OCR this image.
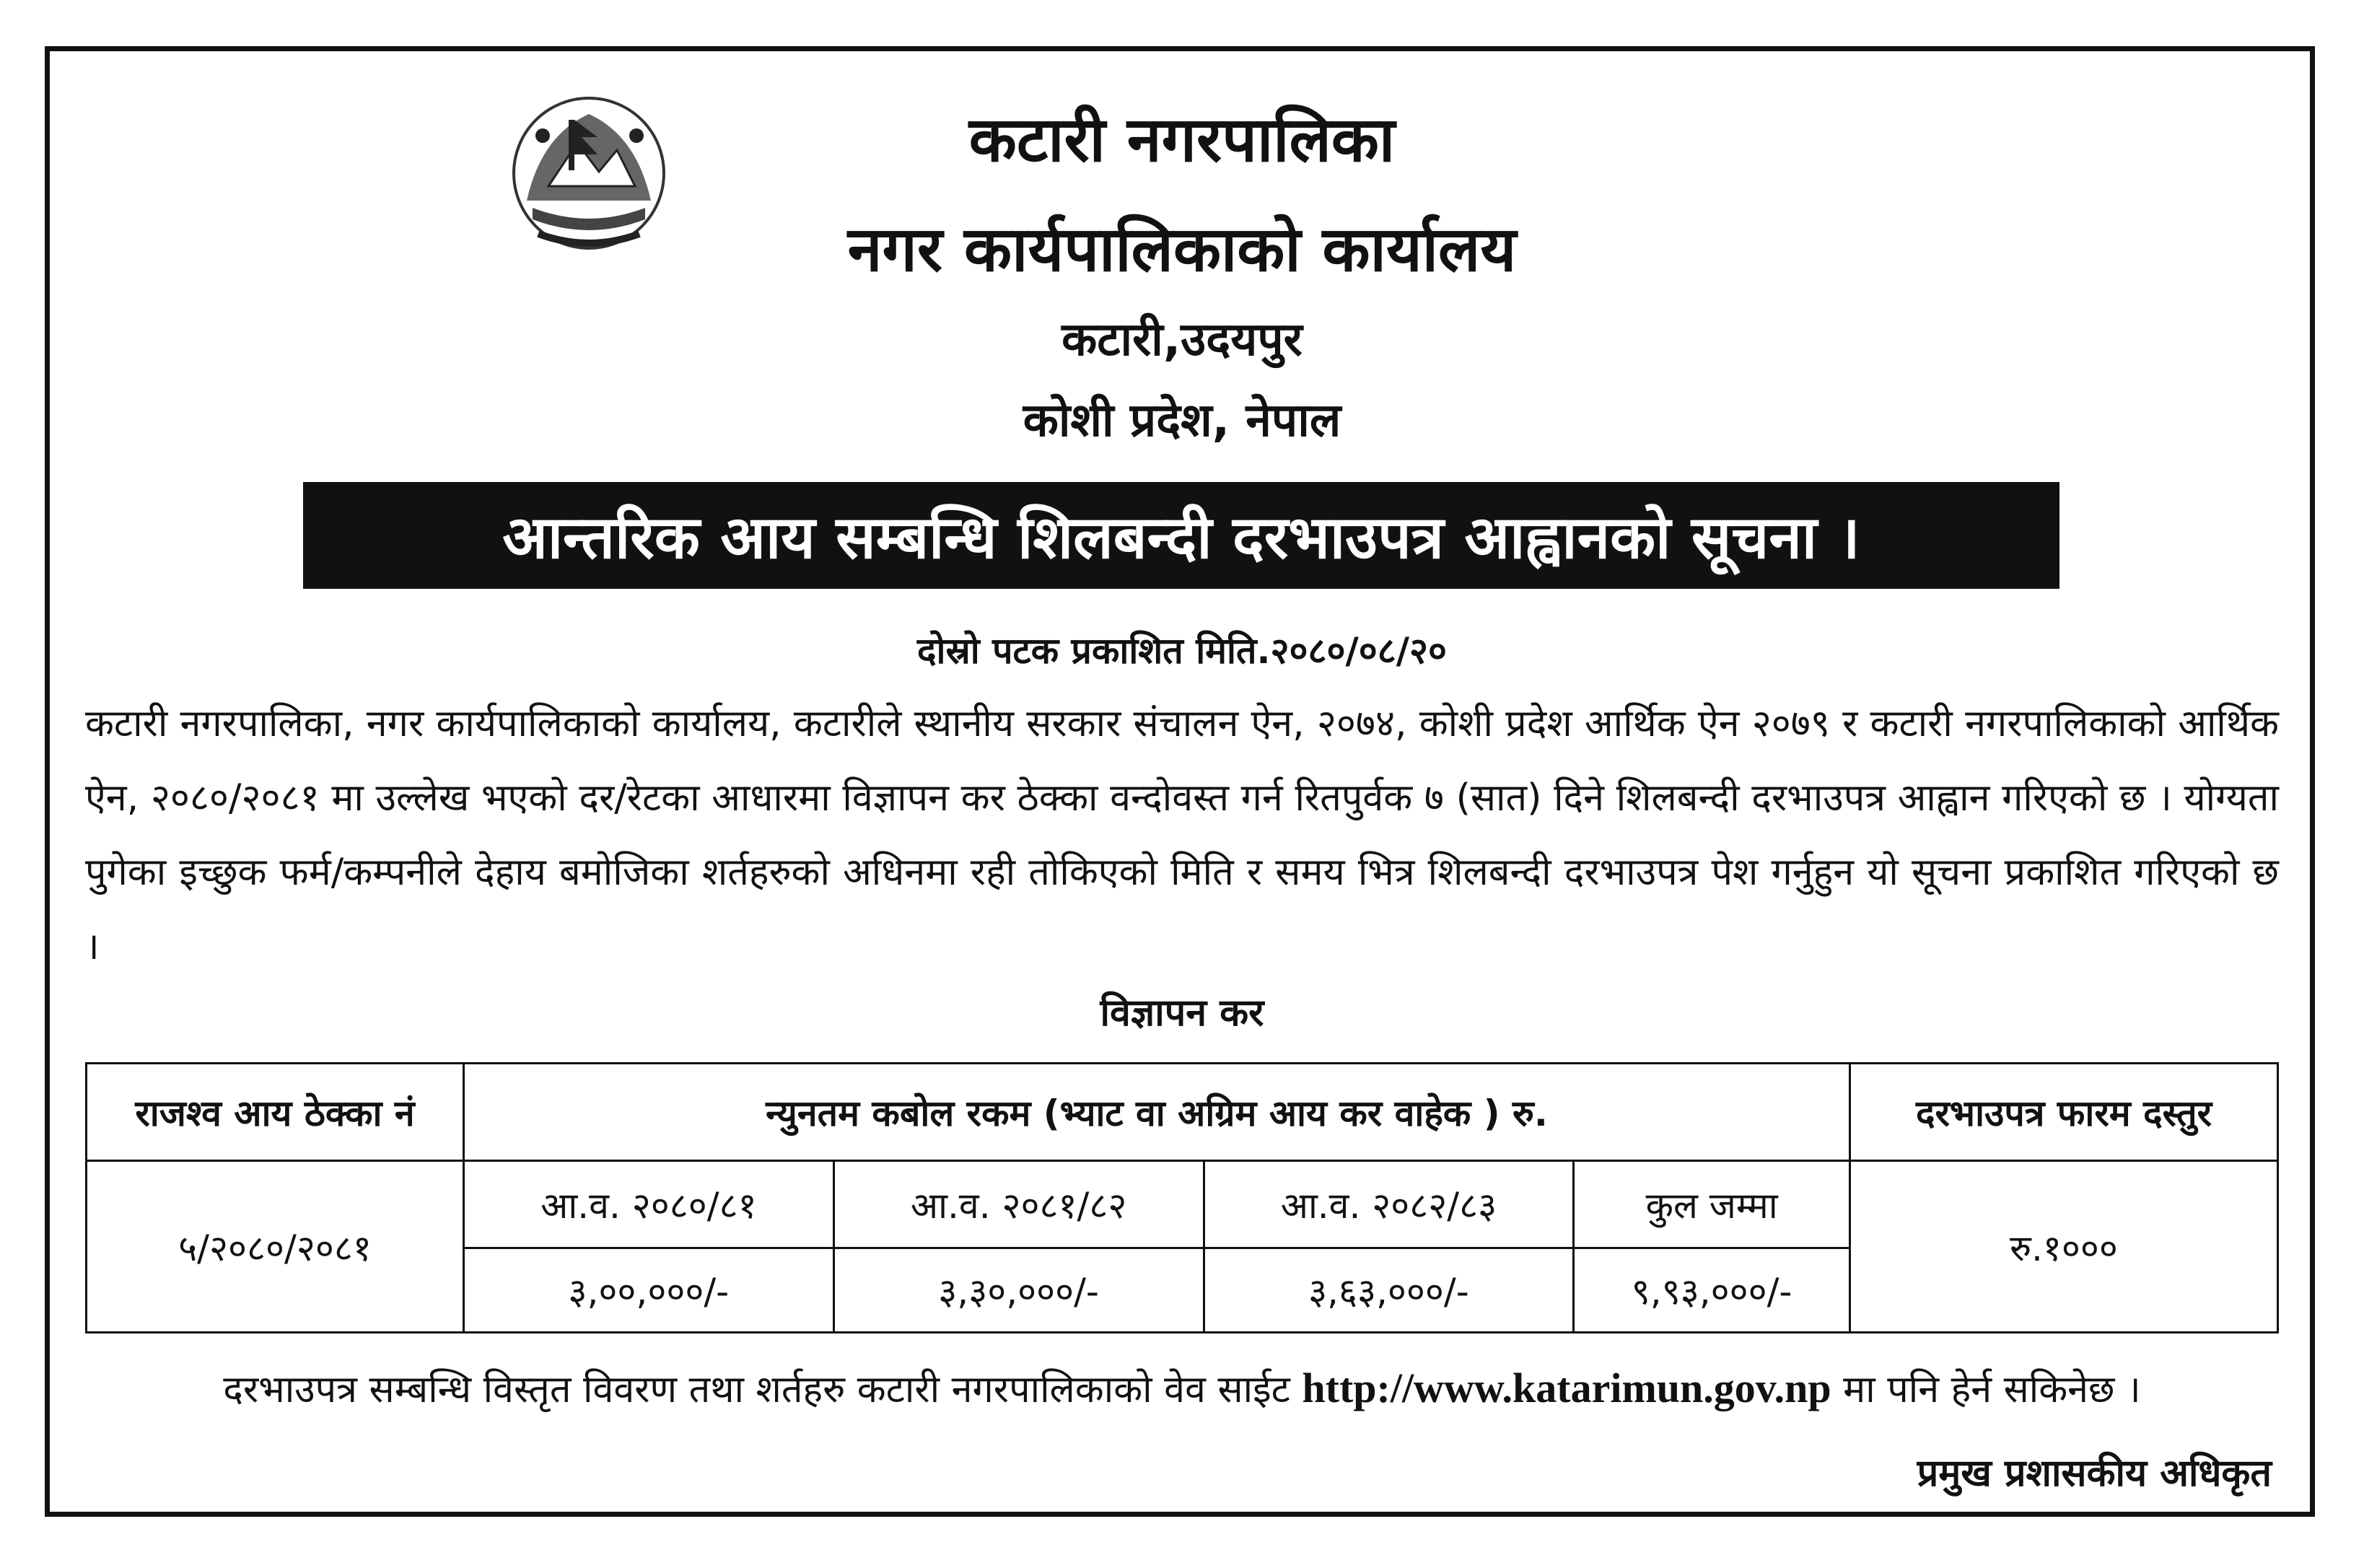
कटारी नगरपालिका
नगर कार्यपालिकाको कार्यालय
कटारी,उदयपुर
कोशी प्रदेश, नेपाल
आन्तरिक आय सम्बन्धि शिलबन्दी दरभाउपत्र आह्वानको सूचना ।
दोस्रो पटक प्रकाशित मिति.२०८०/०८/२०
कटारी नगरपालिका, नगर कार्यपालिकाको कार्यालय, कटारीले स्थानीय सरकार संचालन ऐन, २०७४, कोशी प्रदेश आर्थिक ऐन २०७९ र कटारी नगरपालिकाको आर्थिक ऐन, २०८०/२०८१ मा उल्लेख भएको दर/रेटका आधारमा विज्ञापन कर ठेक्का वन्दोवस्त गर्न रितपुर्वक ७ (सात) दिने शिलबन्दी दरभाउपत्र आह्वान गरिएको छ । योग्यता पुगेका इच्छुक फर्म/कम्पनीले देहाय बमोजिका शर्तहरुको अधिनमा रही तोकिएको मिति र समय भित्र शिलबन्दी दरभाउपत्र पेश गर्नुहुन यो सूचना प्रकाशित गरिएको छ ।
विज्ञापन कर
राजश्व आय ठेक्का नं	न्युनतम कबोल रकम (भ्याट वा अग्रिम आय कर वाहेक ) रु.				दरभाउपत्र फारम दस्तुर
५/२०८०/२०८१	आ.व. २०८०/८१	आ.व. २०८१/८२	आ.व. २०८२/८३	कुल जम्मा	रु.१०००
	३,००,०००/-	३,३०,०००/-	३,६३,०००/-	९,९३,०००/-	
दरभाउपत्र सम्बन्धि विस्तृत विवरण तथा शर्तहरु कटारी नगरपालिकाको वेव साईट http://www.katarimun.gov.np मा पनि हेर्न सकिनेछ ।
प्रमुख प्रशासकीय अधिकृत
